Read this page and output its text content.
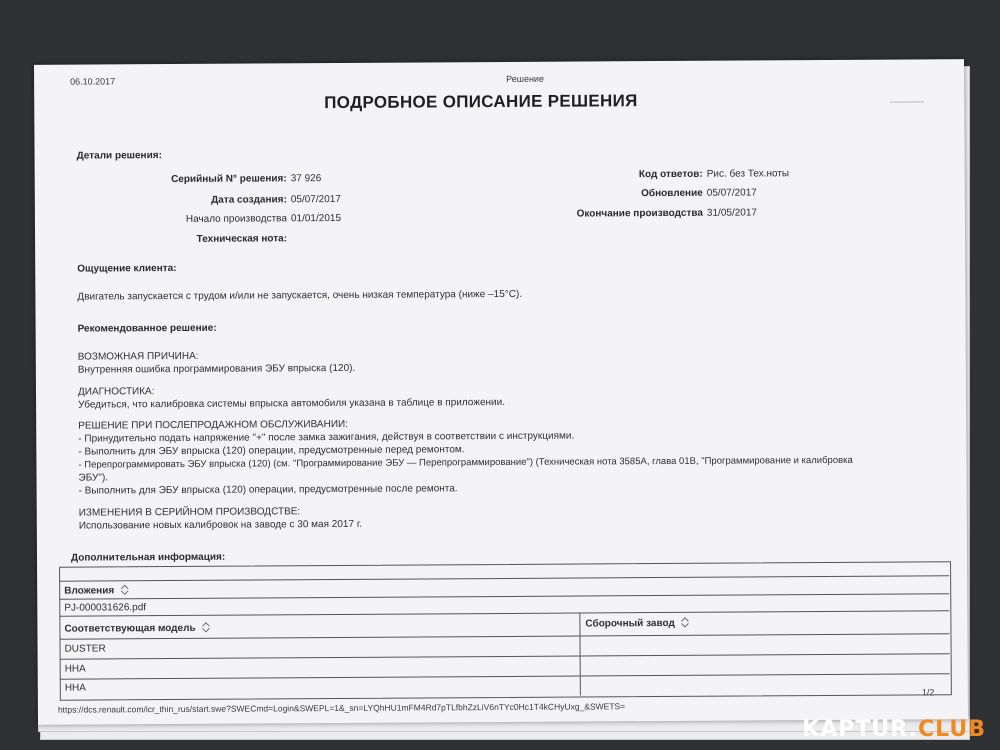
06.10.2017	Решение
ПОДРОБНОЕ ОПИСАНИЕ РЕШЕНИЯ
Детали решения:
Серийный N° решения: 37 926
Дата создания: 05/07/2017
Начало производства 01/01/2015
Техническая нота:
Код ответов: Рис. без Тех.ноты
Обновление 05/07/2017
Окончание производства 31/05/2017
Ощущение клиента:
Двигатель запускается с трудом и/или не запускается, очень низкая температура (ниже –15°С).
Рекомендованное решение:
ВОЗМОЖНАЯ ПРИЧИНА:
Внутренняя ошибка программирования ЭБУ впрыска (120).
ДИАГНОСТИКА:
Убедиться, что калибровка системы впрыска автомобиля указана в таблице в приложении.
РЕШЕНИЕ ПРИ ПОСЛЕПРОДАЖНОМ ОБСЛУЖИВАНИИ:
- Принудительно подать напряжение "+" после замка зажигания, действуя в соответствии с инструкциями.
- Выполнить для ЭБУ впрыска (120) операции, предусмотренные перед ремонтом.
- Перепрограммировать ЭБУ впрыска (120) (см. "Программирование ЭБУ — Перепрограммирование") (Техническая нота 3585А, глава 01В, "Программирование и калибровка
ЭБУ").
- Выполнить для ЭБУ впрыска (120) операции, предусмотренные после ремонта.
ИЗМЕНЕНИЯ В СЕРИЙНОМ ПРОИЗВОДСТВЕ:
Использование новых калибровок на заводе с 30 мая 2017 г.
Дополнительная информация:
Вложения
PJ-000031626.pdf
Соответствующая модель	Сборочный завод
DUSTER
HHA
HHA
https://dcs.renault.com/icr_thin_rus/start.swe?SWECmd=Login&SWEPL=1&_sn=LYQhHU1mFM4Rd7pTLfbhZzLiV6nTYc0Hc1T4kCHyUxg_&SWETS=
1/2
KAPTUR.CLUB
